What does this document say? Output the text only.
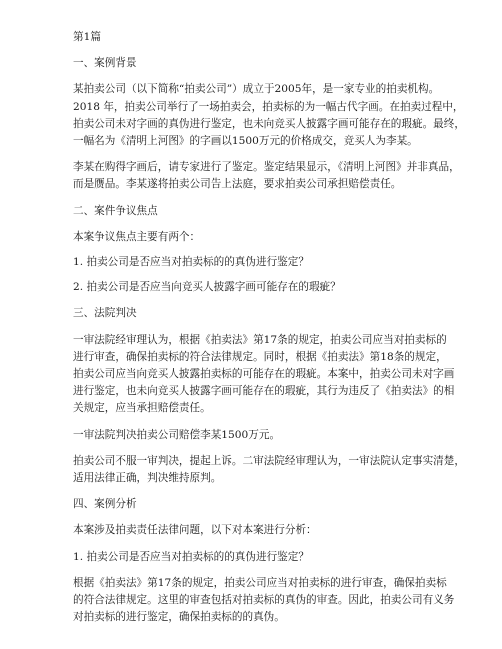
第1篇

一、案例背景

某拍卖公司（以下简称“拍卖公司”）成立于2005年，是一家专业的拍卖机构。
2018 年，拍卖公司举行了一场拍卖会，拍卖标的为一幅古代字画。在拍卖过程中，
拍卖公司未对字画的真伪进行鉴定，也未向竞买人披露字画可能存在的瑕疵。最终，
一幅名为《清明上河图》的字画以1500万元的价格成交，竞买人为李某。

李某在购得字画后，请专家进行了鉴定。鉴定结果显示，《清明上河图》并非真品，
而是赝品。李某遂将拍卖公司告上法庭，要求拍卖公司承担赔偿责任。

二、案件争议焦点

本案争议焦点主要有两个：

1. 拍卖公司是否应当对拍卖标的的真伪进行鉴定？

2. 拍卖公司是否应当向竞买人披露字画可能存在的瑕疵？

三、法院判决

一审法院经审理认为，根据《拍卖法》第17条的规定，拍卖公司应当对拍卖标的
进行审查，确保拍卖标的符合法律规定。同时，根据《拍卖法》第18条的规定，
拍卖公司应当向竞买人披露拍卖标的可能存在的瑕疵。本案中，拍卖公司未对字画
进行鉴定，也未向竞买人披露字画可能存在的瑕疵，其行为违反了《拍卖法》的相
关规定，应当承担赔偿责任。

一审法院判决拍卖公司赔偿李某1500万元。

拍卖公司不服一审判决，提起上诉。二审法院经审理认为，一审法院认定事实清楚，
适用法律正确，判决维持原判。

四、案例分析

本案涉及拍卖责任法律问题，以下对本案进行分析：

1. 拍卖公司是否应当对拍卖标的的真伪进行鉴定？

根据《拍卖法》第17条的规定，拍卖公司应当对拍卖标的进行审查，确保拍卖标
的符合法律规定。这里的审查包括对拍卖标的真伪的审查。因此，拍卖公司有义务
对拍卖标的进行鉴定，确保拍卖标的的真伪。
